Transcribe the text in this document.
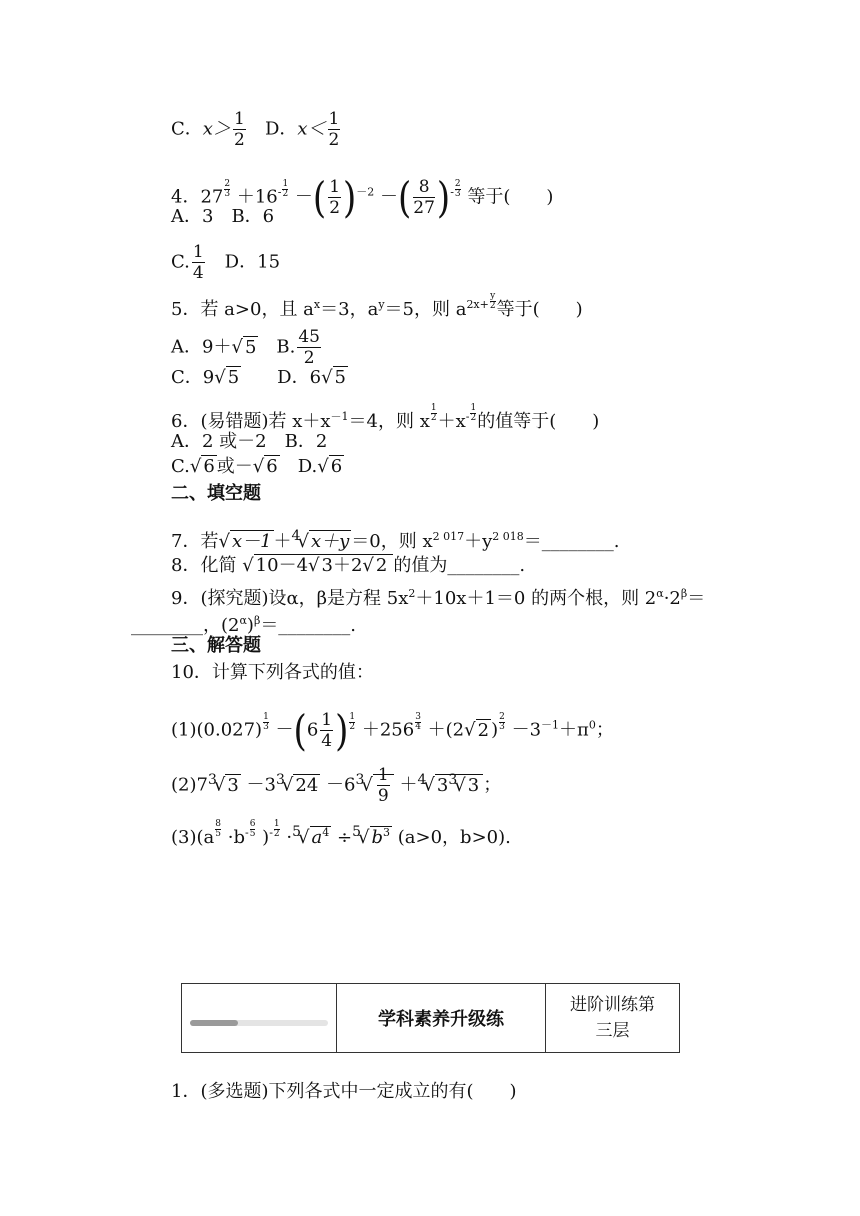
C．$x> \frac{1}{2}$ D．$x< \frac{1}{2}$
4．$27 \frac{2}{3} +16^- \frac{1}{2}$ －( $\frac{1}{2} )^{-2}$ －( $\frac{8}{27} )^- \frac{2}{3}$ 等于(　　)
A．3　B．6
C. $\frac{1}{4}$ 　D．15
5．若 a>0，且 $a^x=3$，$a^y=5$，则 $a^{2x+} \frac{y}{2}$ 等于(　　)
A．9＋√ 5　B. $\frac{45}{2}$
C．9√ 5　　D．6√ 5
6．(易错题)若 $x+x^{-1}=4$，则 x $\frac{1}{2} +x^- \frac{1}{2}$ 的值等于(　　)
A．2 或－2　B．2
C.√ 6 或－√ 6　D.√ 6
二、填空题
7．若√ x－1 ＋$^4$√ x＋y ＝0，则 $x^{2 017}+y^{2 018}=\_\_\_\_\_\_\_\_$.
8．化简 √ 10－4√ 3＋2√ 2 的值为________.
9．(探究题)设α，β是方程 $5x^2+10x+1=0$ 的两个根，则 $2^\alpha\cdot 2^\beta=$
________，$(2^\alpha)^\beta=\_\_\_\_\_\_\_\_$.
三、解答题
10．计算下列各式的值：
$(1)(0.027) \frac{1}{3} -(6 \frac{1}{4}$ ) $\frac{1}{2} +256 \frac{3}{4} +(2√$ 2 ) $\frac{2}{3} -3^{-1}+\pi^0$；
$(2)7^3√$ $3 -3^3√$ $24 -6^3√ \frac{1}{9} +^4√$ $3^3√$ 3 ；
$(3)(a \frac{8}{5} \cdot b^- \frac{6}{5} )^- \frac{1}{2} \cdot^5√$ $a^4 \div^5√$ $b^3$ (a>0，b>0).
学科素养升级练
进阶训练第
三层
1．(多选题)下列各式中一定成立的有(　　)
